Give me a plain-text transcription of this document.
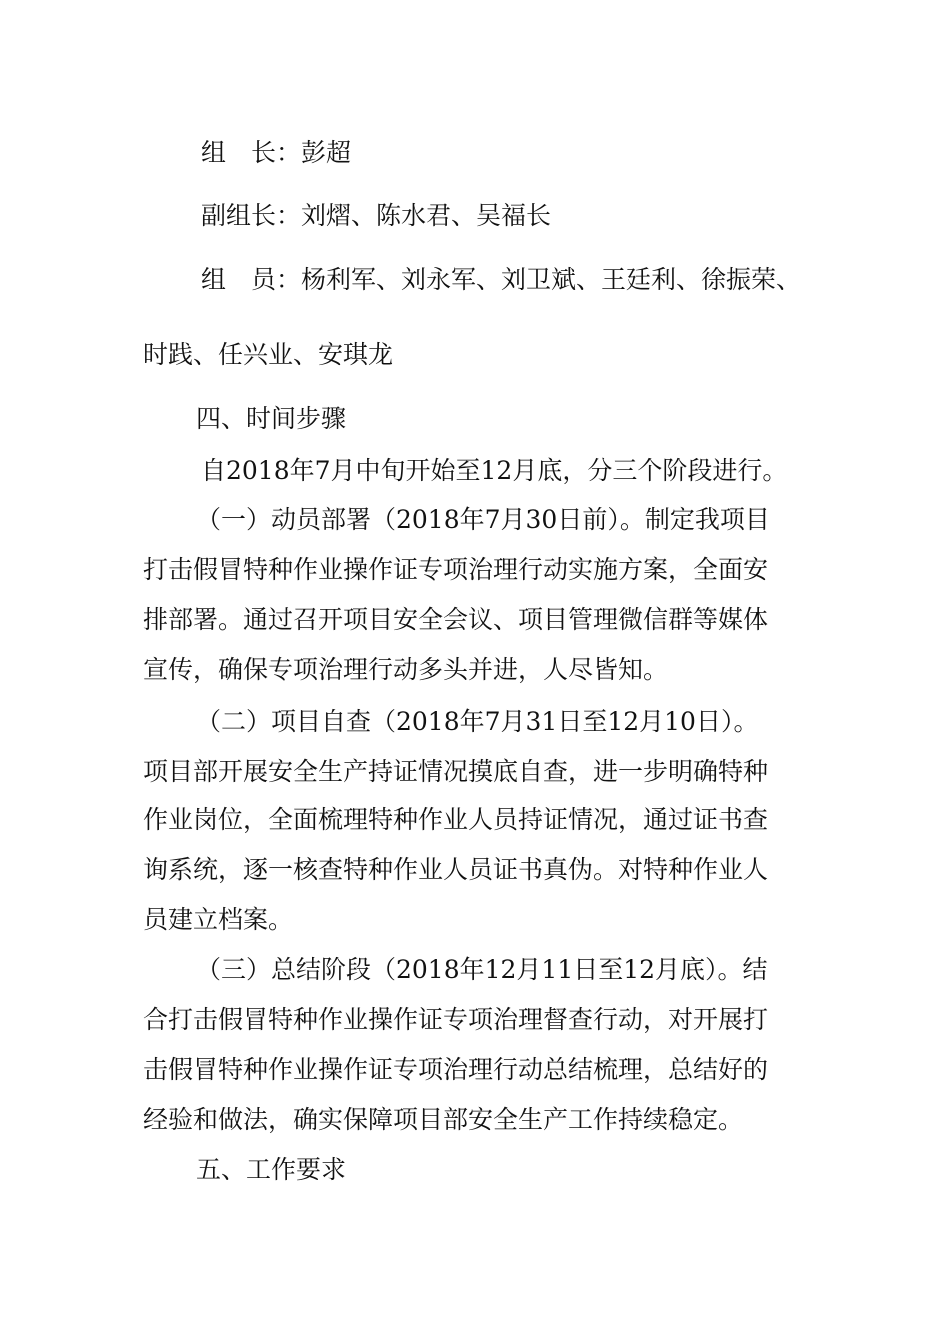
组　长：彭超
副组长：刘熠、陈水君、吴福长
组　员：杨利军、刘永军、刘卫斌、王廷利、徐振荣、
时践、任兴业、安琪龙
四、时间步骤
自2018年7月中旬开始至12月底，分三个阶段进行。
（一）动员部署（2018年7月30日前）。制定我项目
打击假冒特种作业操作证专项治理行动实施方案，全面安
排部署。通过召开项目安全会议、项目管理微信群等媒体
宣传，确保专项治理行动多头并进，人尽皆知。
（二）项目自查（2018年7月31日至12月10日）。
项目部开展安全生产持证情况摸底自查，进一步明确特种
作业岗位，全面梳理特种作业人员持证情况，通过证书查
询系统，逐一核查特种作业人员证书真伪。对特种作业人
员建立档案。
（三）总结阶段（2018年12月11日至12月底）。结
合打击假冒特种作业操作证专项治理督查行动，对开展打
击假冒特种作业操作证专项治理行动总结梳理，总结好的
经验和做法，确实保障项目部安全生产工作持续稳定。
五、工作要求
